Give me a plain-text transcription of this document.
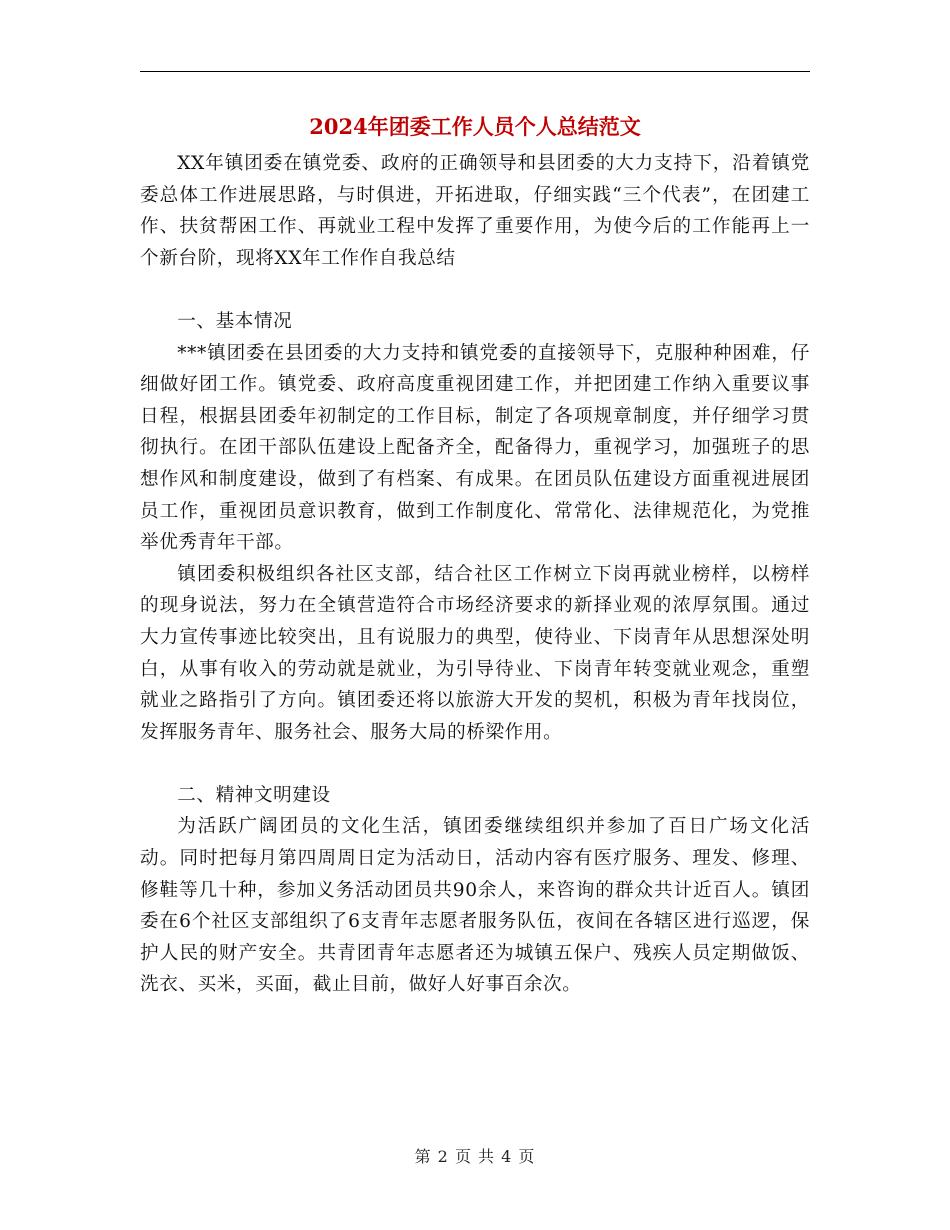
2024年团委工作人员个人总结范文

XX年镇团委在镇党委、政府的正确领导和县团委的大力支持下，沿着镇党委总体工作进展思路，与时俱进，开拓进取，仔细实践“三个代表”，在团建工作、扶贫帮困工作、再就业工程中发挥了重要作用，为使今后的工作能再上一个新台阶，现将XX年工作作自我总结

一、基本情况

***镇团委在县团委的大力支持和镇党委的直接领导下，克服种种困难，仔细做好团工作。镇党委、政府高度重视团建工作，并把团建工作纳入重要议事日程，根据县团委年初制定的工作目标，制定了各项规章制度，并仔细学习贯彻执行。在团干部队伍建设上配备齐全，配备得力，重视学习，加强班子的思想作风和制度建设，做到了有档案、有成果。在团员队伍建设方面重视进展团员工作，重视团员意识教育，做到工作制度化、常常化、法律规范化，为党推举优秀青年干部。

镇团委积极组织各社区支部，结合社区工作树立下岗再就业榜样，以榜样的现身说法，努力在全镇营造符合市场经济要求的新择业观的浓厚氛围。通过大力宣传事迹比较突出，且有说服力的典型，使待业、下岗青年从思想深处明白，从事有收入的劳动就是就业，为引导待业、下岗青年转变就业观念，重塑就业之路指引了方向。镇团委还将以旅游大开发的契机，积极为青年找岗位，发挥服务青年、服务社会、服务大局的桥梁作用。

二、精神文明建设

为活跃广阔团员的文化生活，镇团委继续组织并参加了百日广场文化活动。同时把每月第四周周日定为活动日，活动内容有医疗服务、理发、修理、修鞋等几十种，参加义务活动团员共90余人，来咨询的群众共计近百人。镇团委在6个社区支部组织了6支青年志愿者服务队伍，夜间在各辖区进行巡逻，保护人民的财产安全。共青团青年志愿者还为城镇五保户、残疾人员定期做饭、洗衣、买米，买面，截止目前，做好人好事百余次。

第 2 页 共 4 页
